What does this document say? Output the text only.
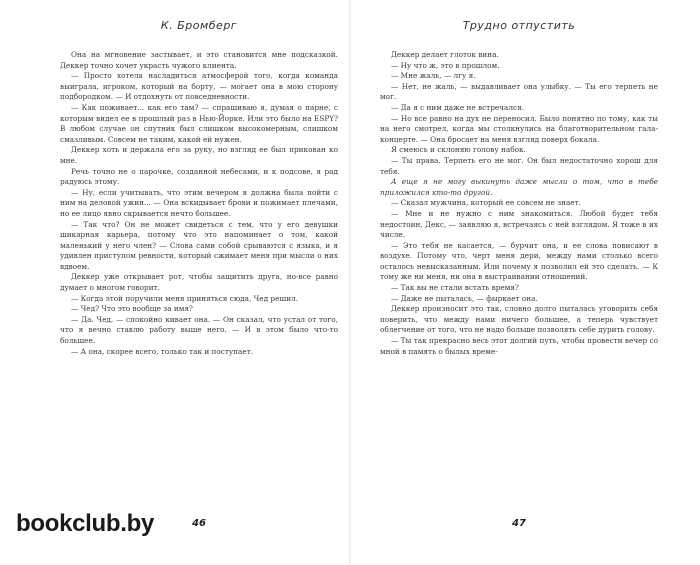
К. Бромберг

Она на мгновение застывает, и это становится мне подсказкой. Деккер точно хочет украсть чужого клиента.

— Просто хотела насладиться атмосферой того, когда команда выиграла, игроком, который на борту, — могает она в мою сторону подбородком. — И отдохнуть от повседневности.

— Как поживает... как его там? — спрашиваю я, думая о парне, с которым видел ее в прошлый раз в Нью-Йорке. Или это было на ESPY? В любом случае он спутник был слишком высокомерным, слишком смазливым. Совсем не таким, какой ей нужен.

Деккер хоть и держала его за руку, но взгляд ее был прикован ко мне.

Речь точно не о парочке, созданной небесами, и к подсове, я рад радуюсь этому.

— Ну, если учитывать, что этим вечером я должна была пойти с ним на деловой ужин... — Она вскидывает брови и пожимает плечами, но ее лицо явно скрывается нечто большее.

— Так что? Он не может свидеться с тем, что у его девушки шикарная карьера, потому что это напоминает о том, какой маленький у него член? — Слова сами собой срываются с языка, и я удивлен приступом ревности, который сжимает меня при мысли о них вдвоем.

Деккер уже открывает рот, чтобы защитить друга, но-все равно думает о многом говорит.

— Когда этой поручили меня приняться сюда, Чед решил.

— Чед? Что это вообще за имя?

— Да. Чед, — спокойно кивает она. — Он сказал, что устал от того, что я вечно ставлю работу выше него. — И в этом было что-то большее.

— А она, скорее всего, только так и поступает.

46
Трудно отпустить

Деккер делает глоток вина.

— Ну что ж, это в прошлом.

— Мне жаль, — лгу я.

— Нет, не жаль, — выдавливает она улыбку. — Ты его терпеть не мог.

— Да я с ним даже не встречался.

— Но все равно на дух не переносил. Было понятно по тому, как ты на него смотрел, когда мы столкнулись на благотворительном гала-концерте. — Она бросает на меня взгляд поверх бокала.

Я смеюсь и склоняю голову набок.

— Ты права. Терпеть его не мог. Он был недостаточно хорош для тебя.

А еще я не могу выкинуть даже мысли о том, что в тебе приложился кто-то другой.

— Сказал мужчина, который ее совсем не знает.

— Мне и не нужно с ним знакомиться. Любой будет тебя недостоин, Декс, — заявляю я, встречаясь с ней взглядом. Я тоже в их числе.

— Это тебя не касается, — бурчит она, и ее слова повисают в воздухе. Потому что, черт меня дери, между нами столько всего осталось невысказанным. Или почему я позволил ей это сделать. — К тому же ни меня, ни она в выстраивании отношений.

— Так вы не стали встать время?

— Даже не пыталась, — фыркает она.

Деккер произносит это так, словно долго пыталась уговорить себя поверить, что между нами ничего большее, а теперь чувствует облегчение от того, что не надо больше позволять себе дурить голову.

— Ты так прекрасно весь этот долгий путь, чтобы провести вечер со мной в память о былых време-

47
bookclub.by
